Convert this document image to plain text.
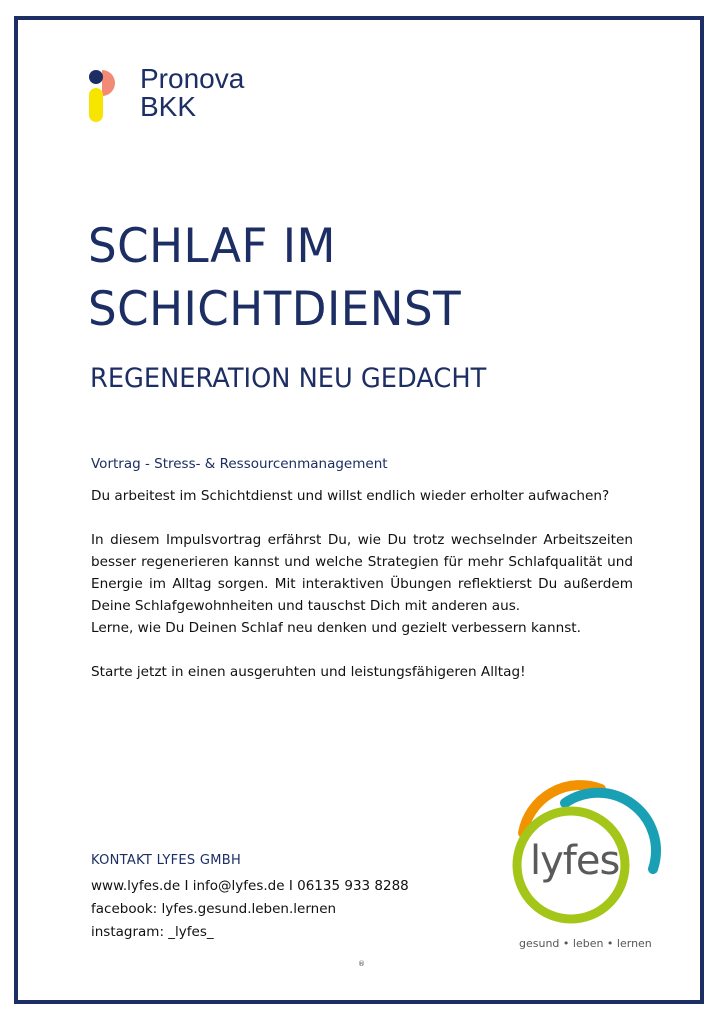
Pronova
BKK
SCHLAF IM
SCHICHTDIENST
REGENERATION NEU GEDACHT
Vortrag - Stress- & Ressourcenmanagement

Du arbeitest im Schichtdienst und willst endlich wieder erholter aufwachen?

In diesem Impulsvortrag erfährst Du, wie Du trotz wechselnder Arbeitszeiten besser regenerieren kannst und welche Strategien für mehr Schlafqualität und Energie im Alltag sorgen. Mit interaktiven Übungen reflektierst Du außerdem Deine Schlafgewohnheiten und tauschst Dich mit anderen aus.

Lerne, wie Du Deinen Schlaf neu denken und gezielt verbessern kannst.

Starte jetzt in einen ausgeruhten und leistungsfähigeren Alltag!

KONTAKT LYFES GMBH
www.lyfes.de I info@lyfes.de I 06135 933 8288
facebook: lyfes.gesund.leben.lernen
instagram: _lyfes_
lyfes
gesund • leben • lernen
®
